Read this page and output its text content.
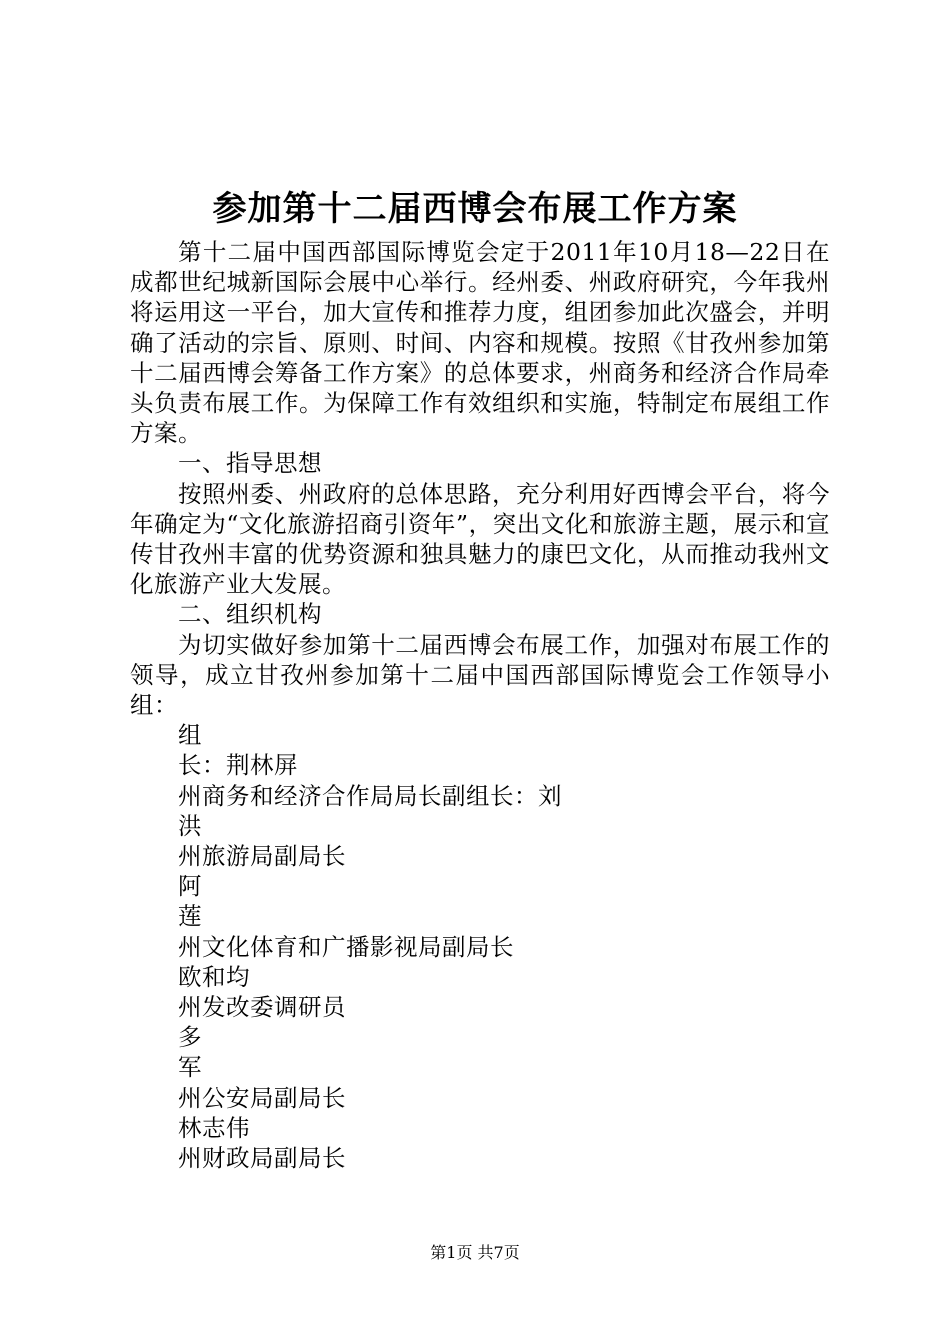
参加第十二届西博会布展工作方案

第十二届中国西部国际博览会定于2011年10月18—22日在成都世纪城新国际会展中心举行。经州委、州政府研究，今年我州将运用这一平台，加大宣传和推荐力度，组团参加此次盛会，并明确了活动的宗旨、原则、时间、内容和规模。按照《甘孜州参加第十二届西博会筹备工作方案》的总体要求，州商务和经济合作局牵头负责布展工作。为保障工作有效组织和实施，特制定布展组工作方案。

一、指导思想

按照州委、州政府的总体思路，充分利用好西博会平台，将今年确定为“文化旅游招商引资年”，突出文化和旅游主题，展示和宣传甘孜州丰富的优势资源和独具魅力的康巴文化，从而推动我州文化旅游产业大发展。

二、组织机构

为切实做好参加第十二届西博会布展工作，加强对布展工作的领导，成立甘孜州参加第十二届中国西部国际博览会工作领导小组：

组
长：荆林屏
州商务和经济合作局局长副组长：刘
洪
州旅游局副局长
阿
莲
州文化体育和广播影视局副局长
欧和均
州发改委调研员
多
军
州公安局副局长
林志伟
州财政局副局长
第1页 共7页
